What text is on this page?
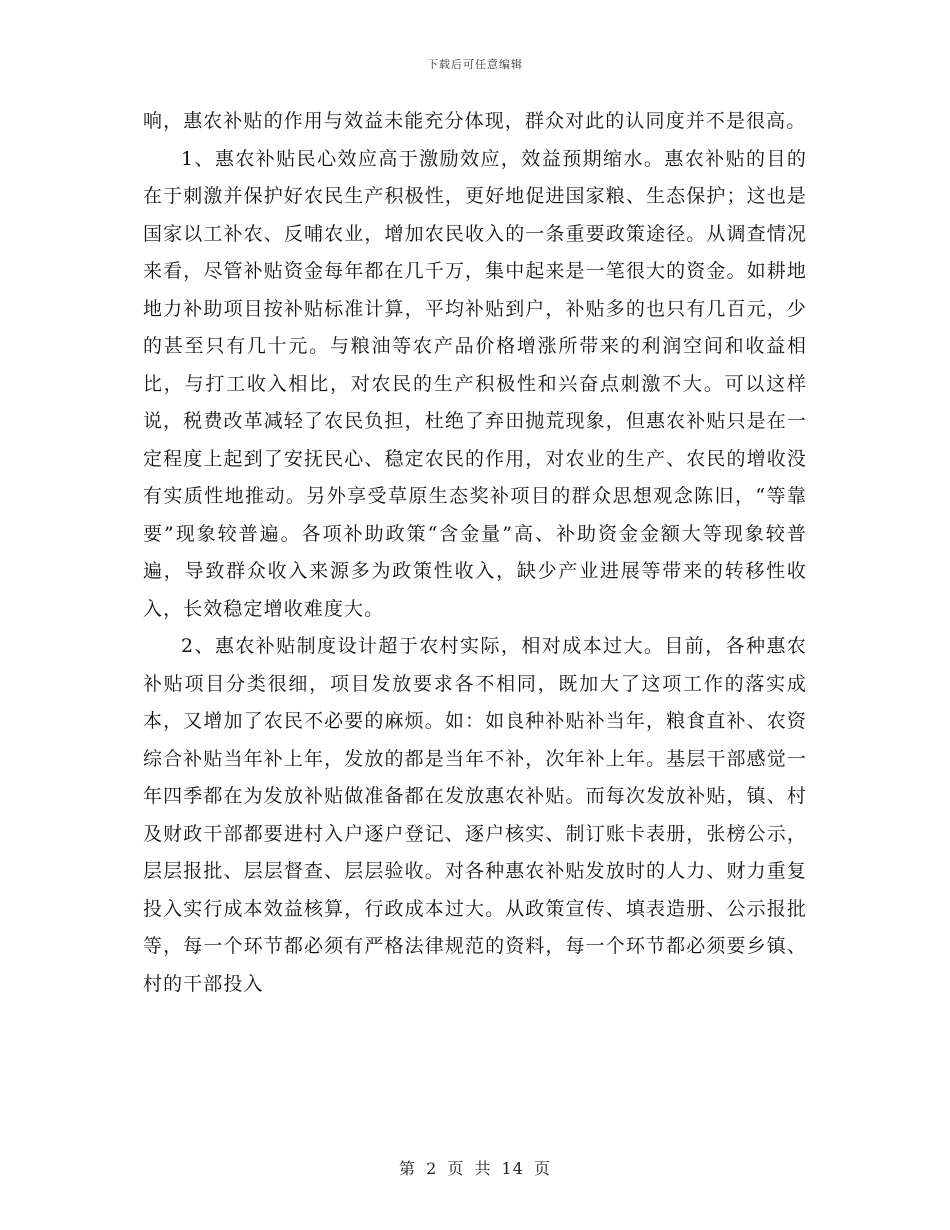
下载后可任意编辑

响，惠农补贴的作用与效益未能充分体现，群众对此的认同度并不是很高。

1、惠农补贴民心效应高于激励效应，效益预期缩水。惠农补贴的目的在于刺激并保护好农民生产积极性，更好地促进国家粮、生态保护；这也是国家以工补农、反哺农业，增加农民收入的一条重要政策途径。从调查情况来看，尽管补贴资金每年都在几千万，集中起来是一笔很大的资金。如耕地地力补助项目按补贴标准计算，平均补贴到户，补贴多的也只有几百元，少的甚至只有几十元。与粮油等农产品价格增涨所带来的利润空间和收益相比，与打工收入相比，对农民的生产积极性和兴奋点刺激不大。可以这样说，税费改革减轻了农民负担，杜绝了弃田抛荒现象，但惠农补贴只是在一定程度上起到了安抚民心、稳定农民的作用，对农业的生产、农民的增收没有实质性地推动。另外享受草原生态奖补项目的群众思想观念陈旧，“等靠要”现象较普遍。各项补助政策“含金量”高、补助资金金额大等现象较普遍，导致群众收入来源多为政策性收入，缺少产业进展等带来的转移性收入，长效稳定增收难度大。

2、惠农补贴制度设计超于农村实际，相对成本过大。目前，各种惠农补贴项目分类很细，项目发放要求各不相同，既加大了这项工作的落实成本，又增加了农民不必要的麻烦。如：如良种补贴补当年，粮食直补、农资综合补贴当年补上年，发放的都是当年不补，次年补上年。基层干部感觉一年四季都在为发放补贴做准备都在发放惠农补贴。而每次发放补贴，镇、村及财政干部都要进村入户逐户登记、逐户核实、制订账卡表册，张榜公示，层层报批、层层督查、层层验收。对各种惠农补贴发放时的人力、财力重复投入实行成本效益核算，行政成本过大。从政策宣传、填表造册、公示报批等，每一个环节都必须有严格法律规范的资料，每一个环节都必须要乡镇、村的干部投入

第 2 页 共 14 页
